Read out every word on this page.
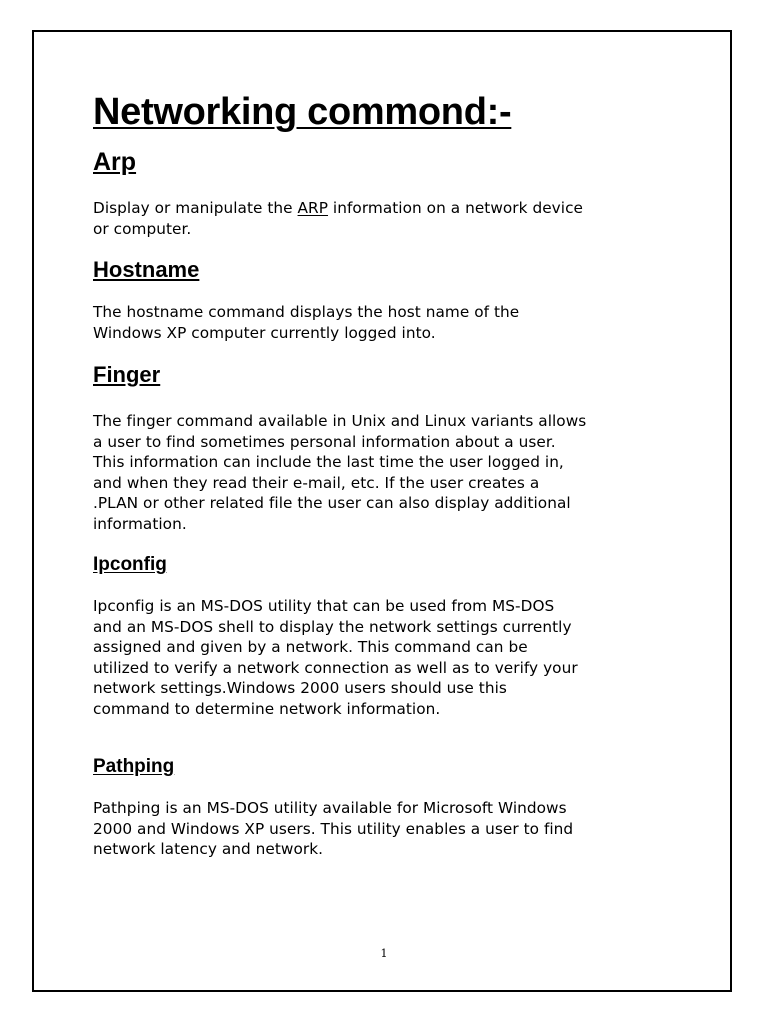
Networking commond:-
Arp

Display or manipulate the ARP information on a network device
or computer.

Hostname

The hostname command displays the host name of the
Windows XP computer currently logged into.

Finger

The finger command available in Unix and Linux variants allows
a user to find sometimes personal information about a user.
This information can include the last time the user logged in,
and when they read their e-mail, etc. If the user creates a
.PLAN or other related file the user can also display additional
information.

Ipconfig

Ipconfig is an MS-DOS utility that can be used from MS-DOS
and an MS-DOS shell to display the network settings currently
assigned and given by a network. This command can be
utilized to verify a network connection as well as to verify your
network settings.Windows 2000 users should use this
command to determine network information.

Pathping

Pathping is an MS-DOS utility available for Microsoft Windows
2000 and Windows XP users. This utility enables a user to find
network latency and network.

1
